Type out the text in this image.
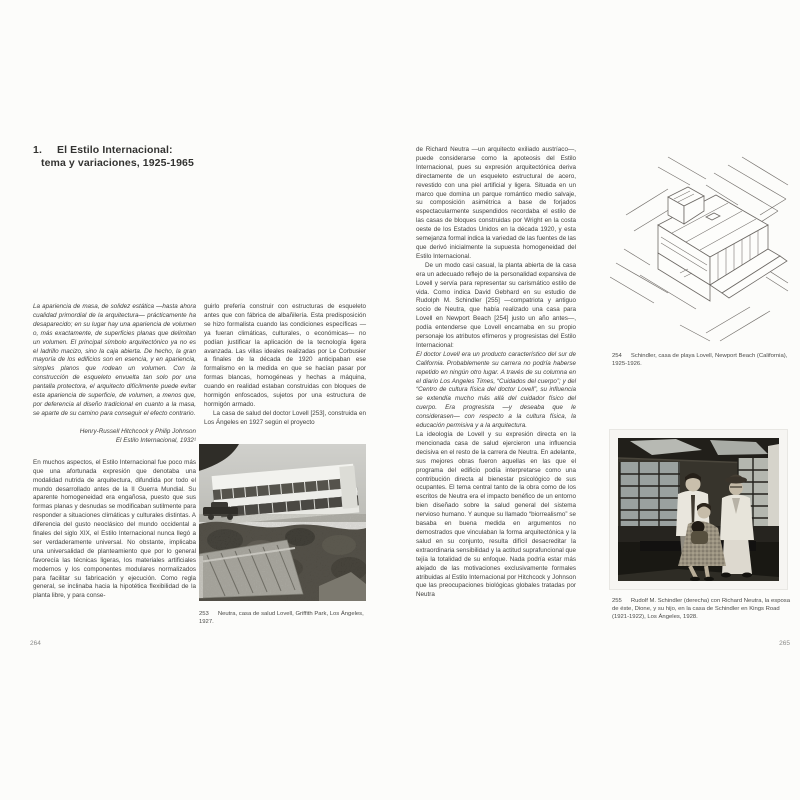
1. El Estilo Internacional:
tema y variaciones, 1925-1965

La apariencia de masa, de solidez estática —hasta ahora cualidad primordial de la arquitectura— prácticamente ha desaparecido; en su lugar hay una apariencia de volumen o, más exactamente, de superficies planas que delimitan un volumen. El principal símbolo arquitectónico ya no es el ladrillo macizo, sino la caja abierta. De hecho, la gran mayoría de los edificios son en esencia, y en apariencia, simples planos que rodean un volumen. Con la construcción de esqueleto envuelta tan solo por una pantalla protectora, el arquitecto difícilmente puede evitar esta apariencia de superficie, de volumen, a menos que, por deferencia al diseño tradicional en cuanto a la masa, se aparte de su camino para conseguir el efecto contrario.

Henry-Russell Hitchcock y Philip Johnson
El Estilo Internacional, 1932¹

En muchos aspectos, el Estilo Internacional fue poco más que una afortunada expresión que denotaba una modalidad nutrida de arquitectura, difundida por todo el mundo desarrollado antes de la II Guerra Mundial. Su aparente homogeneidad era engañosa, puesto que sus formas planas y desnudas se modificaban sutilmente para responder a situaciones climáticas y culturales distintas. A diferencia del gusto neoclásico del mundo occidental a finales del siglo XIX, el Estilo Internacional nunca llegó a ser verdaderamente universal. No obstante, implicaba una universalidad de planteamiento que por lo general favorecía las técnicas ligeras, los materiales artificiales modernos y los componentes modulares normalizados para facilitar su fabricación y ejecución. Como regla general, se inclinaba hacia la hipotética flexibilidad de la planta libre, y para conse-

guirlo prefería construir con estructuras de esqueleto antes que con fábrica de albañilería. Esta predisposición se hizo formalista cuando las condiciones específicas —ya fueran climáticas, culturales, o económicas— no podían justificar la aplicación de la tecnología ligera avanzada. Las villas ideales realizadas por Le Corbusier a finales de la década de 1920 anticipaban ese formalismo en la medida en que se hacían pasar por formas blancas, homogéneas y hechas a máquina, cuando en realidad estaban construidas con bloques de hormigón enfoscados, sujetos por una estructura de hormigón armado.

La casa de salud del doctor Lovell [253], construida en Los Ángeles en 1927 según el proyecto

253 Neutra, casa de salud Lovell, Griffith Park, Los Ángeles, 1927.

264

de Richard Neutra —un arquitecto exiliado austríaco—, puede considerarse como la apoteosis del Estilo Internacional, pues su expresión arquitectónica deriva directamente de un esqueleto estructural de acero, revestido con una piel artificial y ligera. Situada en un marco que domina un parque romántico medio salvaje, su composición asimétrica a base de forjados espectacularmente suspendidos recordaba el estilo de las casas de bloques construidas por Wright en la costa oeste de los Estados Unidos en la década 1920, y esta semejanza formal indica la variedad de las fuentes de las que derivó inicialmente la supuesta homogeneidad del Estilo Internacional.

De un modo casi casual, la planta abierta de la casa era un adecuado reflejo de la personalidad expansiva de Lovell y servía para representar su carismático estilo de vida. Como indica David Gebhard en su estudio de Rudolph M. Schindler [255] —compatriota y antiguo socio de Neutra, que había realizado una casa para Lovell en Newport Beach [254] justo un año antes—, podía entenderse que Lovell encarnaba en su propio personaje los atributos efímeros y progresistas del Estilo Internacional:

El doctor Lovell era un producto característico del sur de California. Probablemente su carrera no podría haberse repetido en ningún otro lugar. A través de su columna en el diario Los Angeles Times, “Cuidados del cuerpo”; y del “Centro de cultura física del doctor Lovell”, su influencia se extendía mucho más allá del cuidador físico del cuerpo. Era progresista —y deseaba que le considerasen— con respecto a la cultura física, la educación permisiva y a la arquitectura.

La ideología de Lovell y su expresión directa en la mencionada casa de salud ejercieron una influencia decisiva en el resto de la carrera de Neutra. En adelante, sus mejores obras fueron aquellas en las que el programa del edificio podía interpretarse como una contribución directa al bienestar psicológico de sus ocupantes. El tema central tanto de la obra como de los escritos de Neutra era el impacto benéfico de un entorno bien diseñado sobre la salud general del sistema nervioso humano. Y aunque su llamado “biorrealismo” se basaba en buena medida en argumentos no demostrados que vinculaban la forma arquitectónica y la salud en su conjunto, resulta difícil desacreditar la extraordinaria sensibilidad y la actitud suprafuncional que tejía la totalidad de su enfoque. Nada podría estar más alejado de las motivaciones exclusivamente formales atribuidas al Estilo Internacional por Hitchcock y Johnson que las preocupaciones biológicas globales tratadas por Neutra

254 Schindler, casa de playa Lovell, Newport Beach (California), 1925-1926.

255 Rudolf M. Schindler (derecha) con Richard Neutra, la esposa de éste, Dione, y su hijo, en la casa de Schindler en Kings Road (1921-1922), Los Ángeles, 1928.

265
